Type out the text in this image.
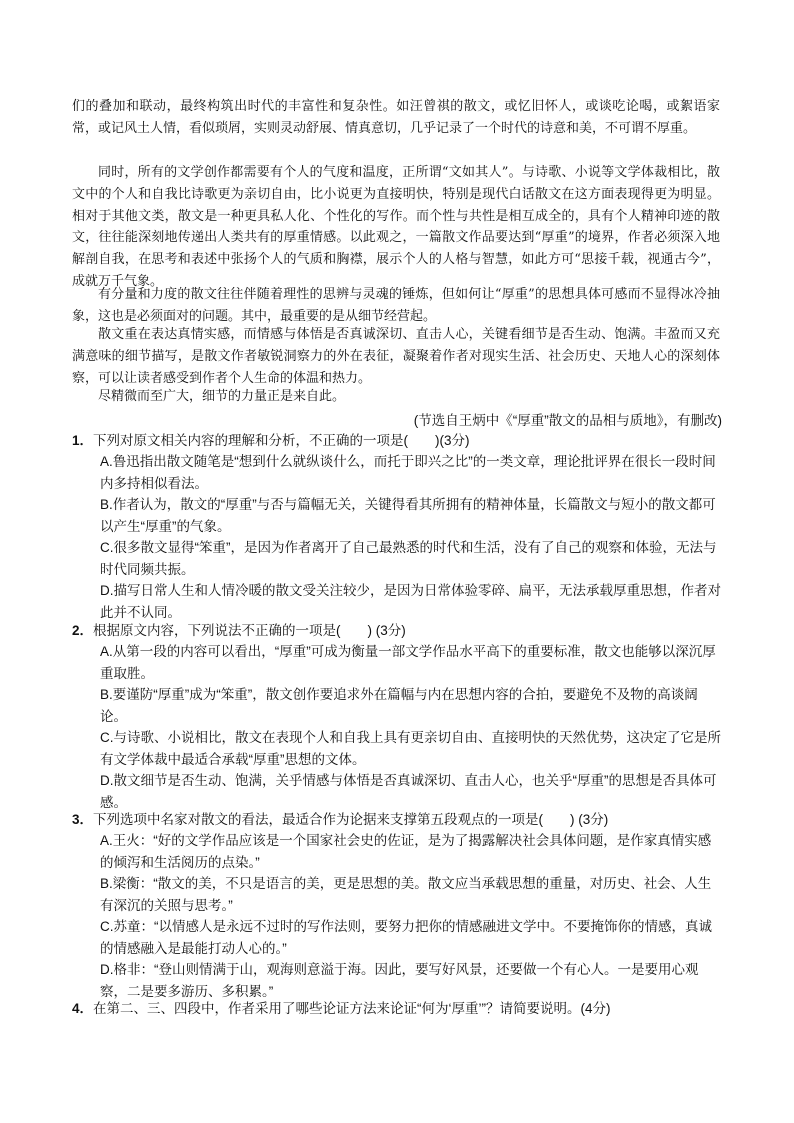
们的叠加和联动，最终构筑出时代的丰富性和复杂性。如汪曾祺的散文，或忆旧怀人，或谈吃论喝，或絮语家常，或记风土人情，看似琐屑，实则灵动舒展、情真意切，几乎记录了一个时代的诗意和美，不可谓不厚重。
同时，所有的文学创作都需要有个人的气度和温度，正所谓“文如其人”。与诗歌、小说等文学体裁相比，散文中的个人和自我比诗歌更为亲切自由，比小说更为直接明快，特别是现代白话散文在这方面表现得更为明显。相对于其他文类，散文是一种更具私人化、个性化的写作。而个性与共性是相互成全的，具有个人精神印迹的散文，往往能深刻地传递出人类共有的厚重情感。以此观之，一篇散文作品要达到“厚重”的境界，作者必须深入地解剖自我，在思考和表述中张扬个人的气质和胸襟，展示个人的人格与智慧，如此方可“思接千载，视通古今”，成就万千气象。
有分量和力度的散文往往伴随着理性的思辨与灵魂的锤炼，但如何让“厚重”的思想具体可感而不显得冰冷抽象，这也是必须面对的问题。其中，最重要的是从细节经营起。
散文重在表达真情实感，而情感与体悟是否真诚深切、直击人心，关键看细节是否生动、饱满。丰盈而又充满意味的细节描写，是散文作者敏锐洞察力的外在表征，凝聚着作者对现实生活、社会历史、天地人心的深刻体察，可以让读者感受到作者个人生命的体温和热力。
尽精微而至广大，细节的力量正是来自此。
(节选自王炳中《“厚重”散文的品相与质地》，有删改)
1．下列对原文相关内容的理解和分析，不正确的一项是(　　)(3分)
A.鲁迅指出散文随笔是“想到什么就纵谈什么，而托于即兴之比”的一类文章，理论批评界在很长一段时间内多持相似看法。
B.作者认为，散文的“厚重”与否与篇幅无关，关键得看其所拥有的精神体量，长篇散文与短小的散文都可以产生“厚重”的气象。
C.很多散文显得“笨重”，是因为作者离开了自己最熟悉的时代和生活，没有了自己的观察和体验，无法与时代同频共振。
D.描写日常人生和人情冷暖的散文受关注较少，是因为日常体验零碎、扁平，无法承载厚重思想，作者对此并不认同。
2．根据原文内容，下列说法不正确的一项是(　　) (3分)
A.从第一段的内容可以看出，“厚重”可成为衡量一部文学作品水平高下的重要标准，散文也能够以深沉厚重取胜。
B.要谨防“厚重”成为“笨重”，散文创作要追求外在篇幅与内在思想内容的合拍，要避免不及物的高谈阔论。
C.与诗歌、小说相比，散文在表现个人和自我上具有更亲切自由、直接明快的天然优势，这决定了它是所有文学体裁中最适合承载“厚重”思想的文体。
D.散文细节是否生动、饱满，关乎情感与体悟是否真诚深切、直击人心，也关乎“厚重”的思想是否具体可感。
3．下列选项中名家对散文的看法，最适合作为论据来支撑第五段观点的一项是(　　) (3分)
A.王火：“好的文学作品应该是一个国家社会史的佐证，是为了揭露解决社会具体问题，是作家真情实感的倾泻和生活阅历的点染。”
B.梁衡：“散文的美，不只是语言的美，更是思想的美。散文应当承载思想的重量，对历史、社会、人生有深沉的关照与思考。”
C.苏童：“以情感人是永远不过时的写作法则，要努力把你的情感融进文学中。不要掩饰你的情感，真诚的情感融入是最能打动人心的。”
D.格非：“登山则情满于山，观海则意溢于海。因此，要写好风景，还要做一个有心人。一是要用心观察，二是要多游历、多积累。”
4．在第二、三、四段中，作者采用了哪些论证方法来论证“何为‘厚重’”？请简要说明。(4分)
